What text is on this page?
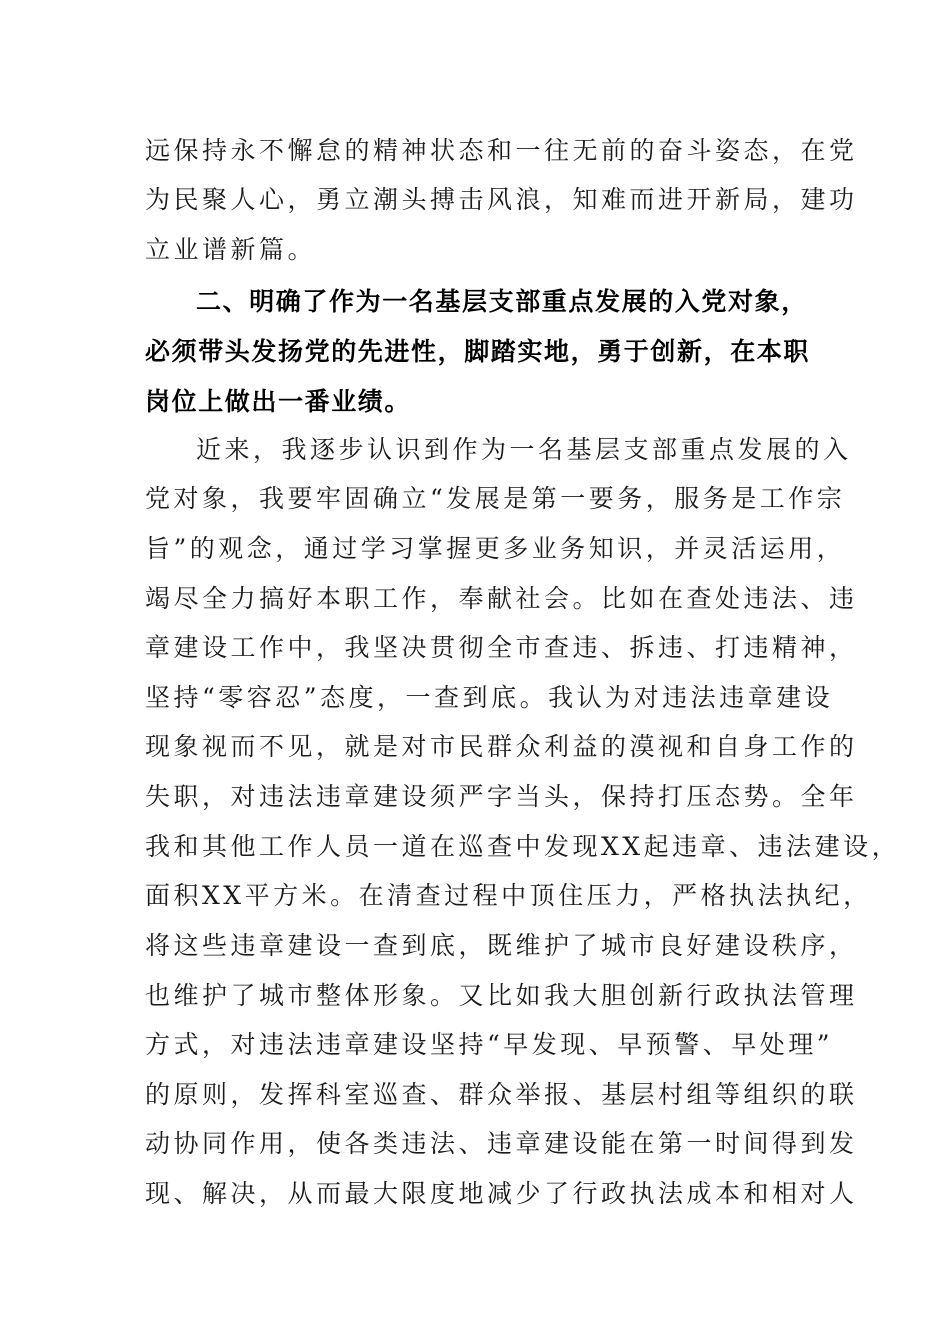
远保持永不懈怠的精神状态和一往无前的奋斗姿态，在党
为民聚人心，勇立潮头搏击风浪，知难而进开新局，建功
立业谱新篇。
二、明确了作为一名基层支部重点发展的入党对象，
必须带头发扬党的先进性，脚踏实地，勇于创新，在本职
岗位上做出一番业绩。
近来，我逐步认识到作为一名基层支部重点发展的入
党对象，我要牢固确立“发展是第一要务，服务是工作宗
旨”的观念，通过学习掌握更多业务知识，并灵活运用，
竭尽全力搞好本职工作，奉献社会。比如在查处违法、违
章建设工作中，我坚决贯彻全市查违、拆违、打违精神，
坚持“零容忍”态度，一查到底。我认为对违法违章建设
现象视而不见，就是对市民群众利益的漠视和自身工作的
失职，对违法违章建设须严字当头，保持打压态势。全年
我和其他工作人员一道在巡查中发现XX起违章、违法建设，
面积XX平方米。在清查过程中顶住压力，严格执法执纪，
将这些违章建设一查到底，既维护了城市良好建设秩序，
也维护了城市整体形象。又比如我大胆创新行政执法管理
方式，对违法违章建设坚持“早发现、早预警、早处理”
的原则，发挥科室巡查、群众举报、基层村组等组织的联
动协同作用，使各类违法、违章建设能在第一时间得到发
现、解决，从而最大限度地减少了行政执法成本和相对人
